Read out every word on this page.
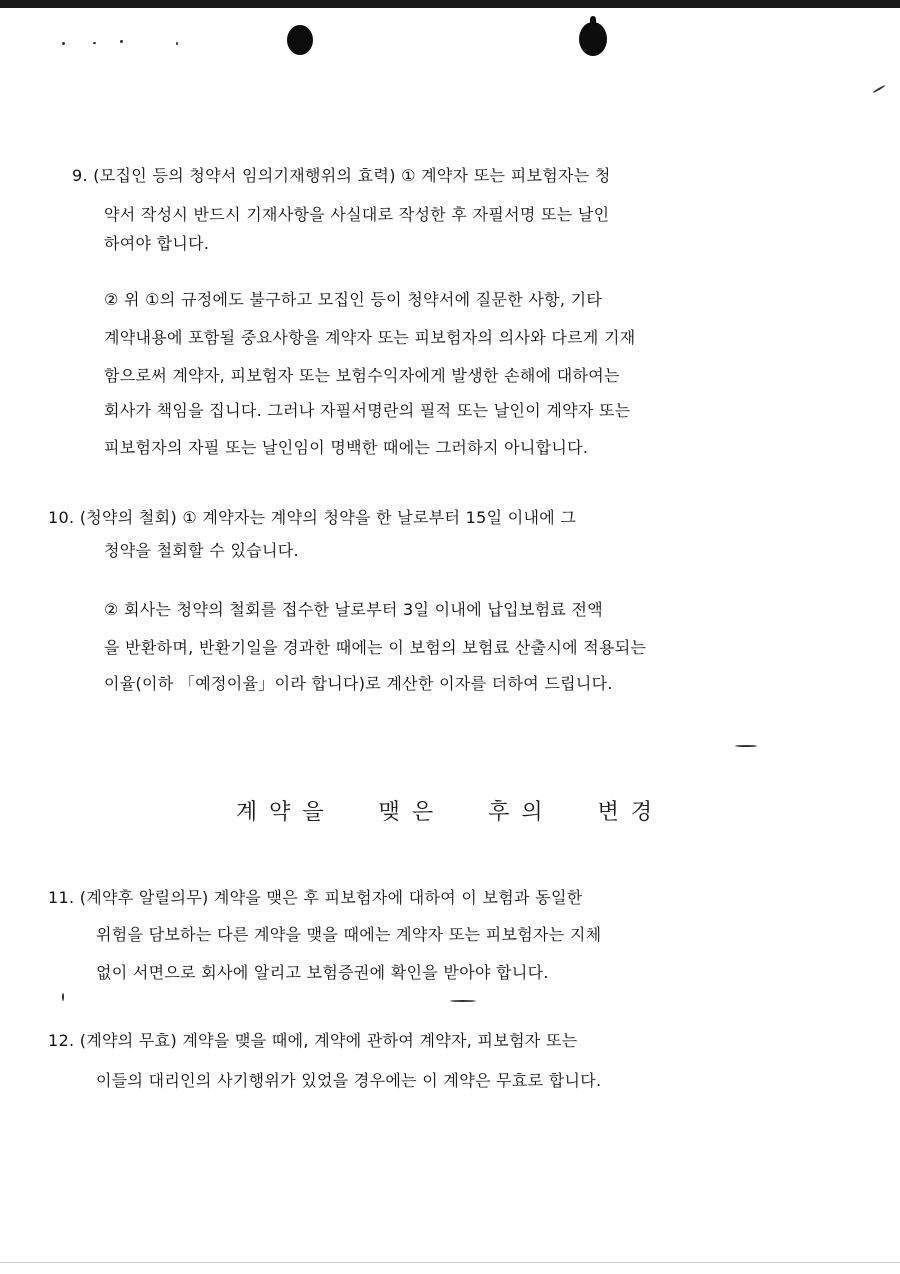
9. (모집인 등의 청약서 임의기재행위의 효력) ① 계약자 또는 피보험자는 청
약서 작성시 반드시 기재사항을 사실대로 작성한 후 자필서명 또는 날인
하여야 합니다.
② 위 ①의 규정에도 불구하고 모집인 등이 청약서에 질문한 사항, 기타
계약내용에 포함될 중요사항을 계약자 또는 피보험자의 의사와 다르게 기재
함으로써 계약자, 피보험자 또는 보험수익자에게 발생한 손해에 대하여는
회사가 책임을 집니다. 그러나 자필서명란의 필적 또는 날인이 계약자 또는
피보험자의 자필 또는 날인임이 명백한 때에는 그러하지 아니합니다.
10. (청약의 철회) ① 계약자는 계약의 청약을 한 날로부터 15일 이내에 그
청약을 철회할 수 있습니다.
② 회사는 청약의 철회를 접수한 날로부터 3일 이내에 납입보험료 전액
을 반환하며, 반환기일을 경과한 때에는 이 보험의 보험료 산출시에 적용되는
이율(이하 「예정이율」이라 합니다)로 계산한 이자를 더하여 드립니다.
계약을 맺은 후의 변경
11. (계약후 알릴의무) 계약을 맺은 후 피보험자에 대하여 이 보험과 동일한
위험을 담보하는 다른 계약을 맺을 때에는 계약자 또는 피보험자는 지체
없이 서면으로 회사에 알리고 보험증권에 확인을 받아야 합니다.
12. (계약의 무효) 계약을 맺을 때에, 계약에 관하여 계약자, 피보험자 또는
이들의 대리인의 사기행위가 있었을 경우에는 이 계약은 무효로 합니다.
